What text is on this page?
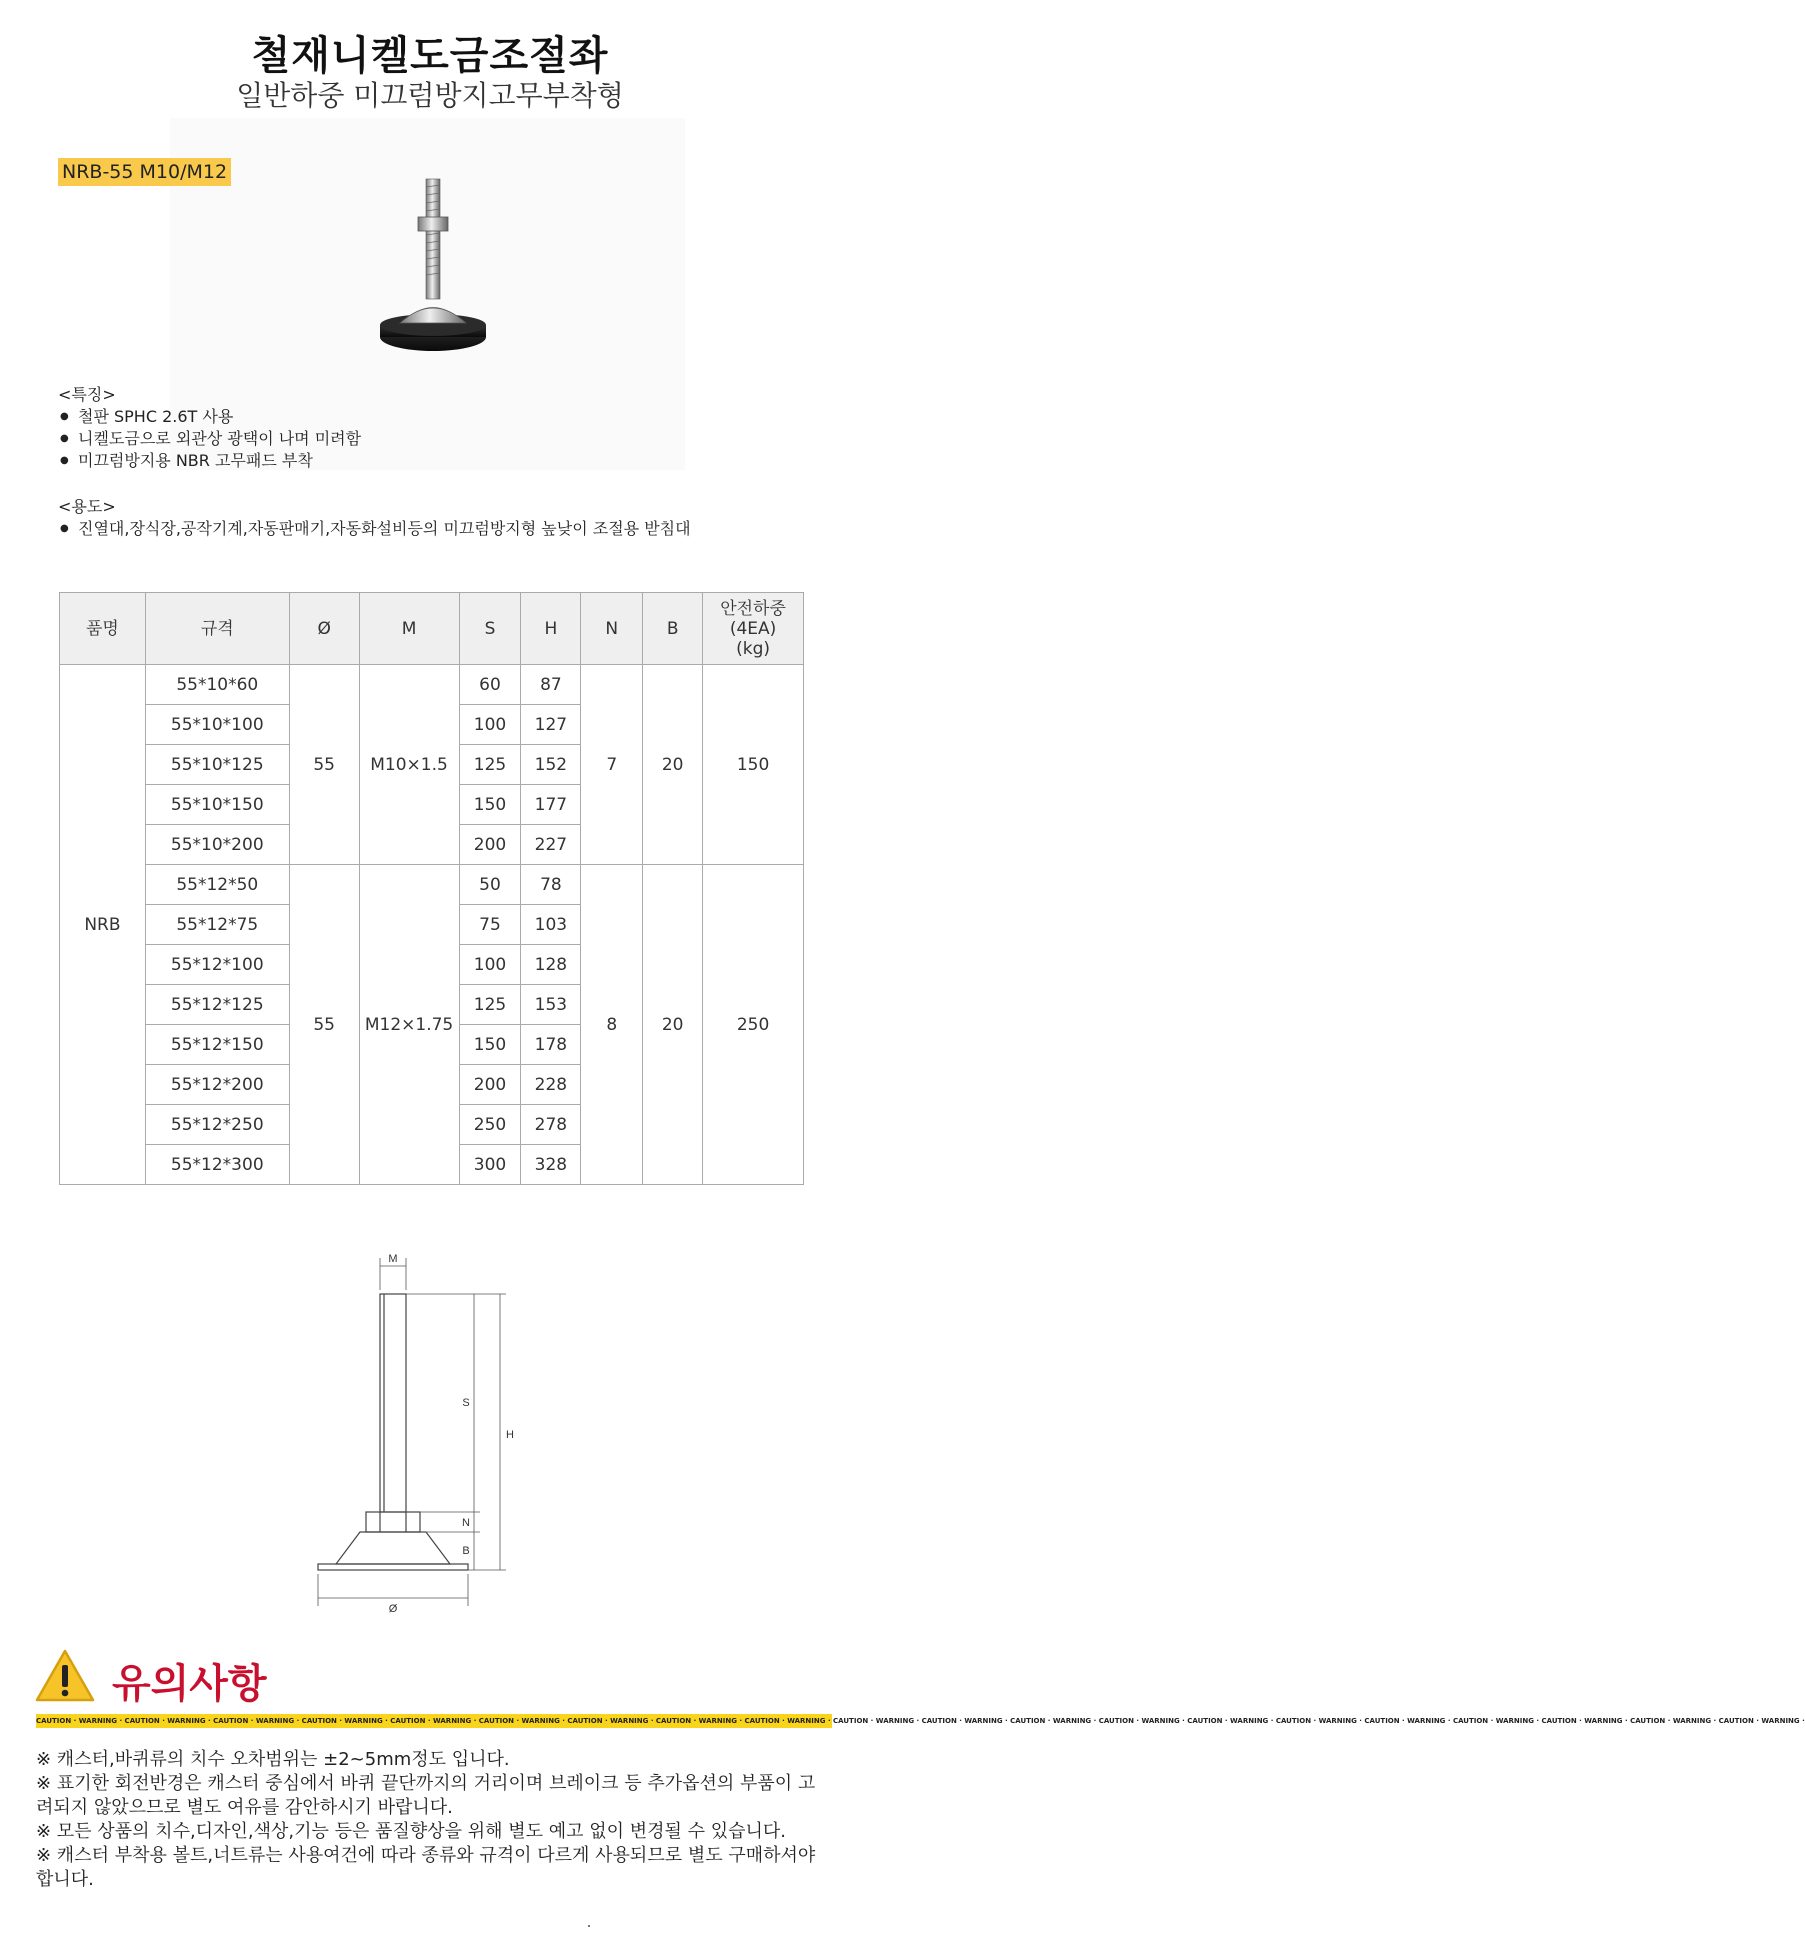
철재니켈도금조절좌
일반하중 미끄럼방지고무부착형
NRB-55 M10/M12
<특징>
● 철판 SPHC 2.6T 사용
● 니켈도금으로 외관상 광택이 나며 미려함
● 미끄럼방지용 NBR 고무패드 부착
<용도>
● 진열대,장식장,공작기계,자동판매기,자동화설비등의 미끄럼방지형 높낮이 조절용 받침대
품명	규격	Ø	M	S	H	N	B	안전하중
(4EA)
(kg)
NRB	55*10*60	55	M10×1.5	60	87	7	20	150
	55*10*100			100	127			
	55*10*125			125	152			
	55*10*150			150	177			
	55*10*200			200	227			
	55*12*50	55	M12×1.75	50	78	8	20	250
	55*12*75			75	103			
	55*12*100			100	128			
	55*12*125			125	153			
	55*12*150			150	178			
	55*12*200			200	228			
	55*12*250			250	278			
	55*12*300			300	328			
M
S
H
N
B
Ø
유의사항
CAUTION · WARNING · CAUTION · WARNING · CAUTION · WARNING · CAUTION · WARNING · CAUTION · WARNING · CAUTION · WARNING · CAUTION · WARNING · CAUTION · WARNING · CAUTION · WARNING · CAUTION · WARNING · CAUTION · WARNING · CAUTION · WARNING · CAUTION · WARNING · CAUTION · WARNING · CAUTION · WARNING · CAUTION · WARNING · CAUTION · WARNING · CAUTION · WARNING · CAUTION · WARNING · CAUTION · WARNING ·

※ 캐스터,바퀴류의 치수 오차범위는 ±2~5mm정도 입니다.

※ 표기한 회전반경은 캐스터 중심에서 바퀴 끝단까지의 거리이며 브레이크 등 추가옵션의 부품이 고려되지 않았으므로 별도 여유를 감안하시기 바랍니다.

※ 모든 상품의 치수,디자인,색상,기능 등은 품질향상을 위해 별도 예고 없이 변경될 수 있습니다.

※ 캐스터 부착용 볼트,너트류는 사용여건에 따라 종류와 규격이 다르게 사용되므로 별도 구매하셔야 합니다.
